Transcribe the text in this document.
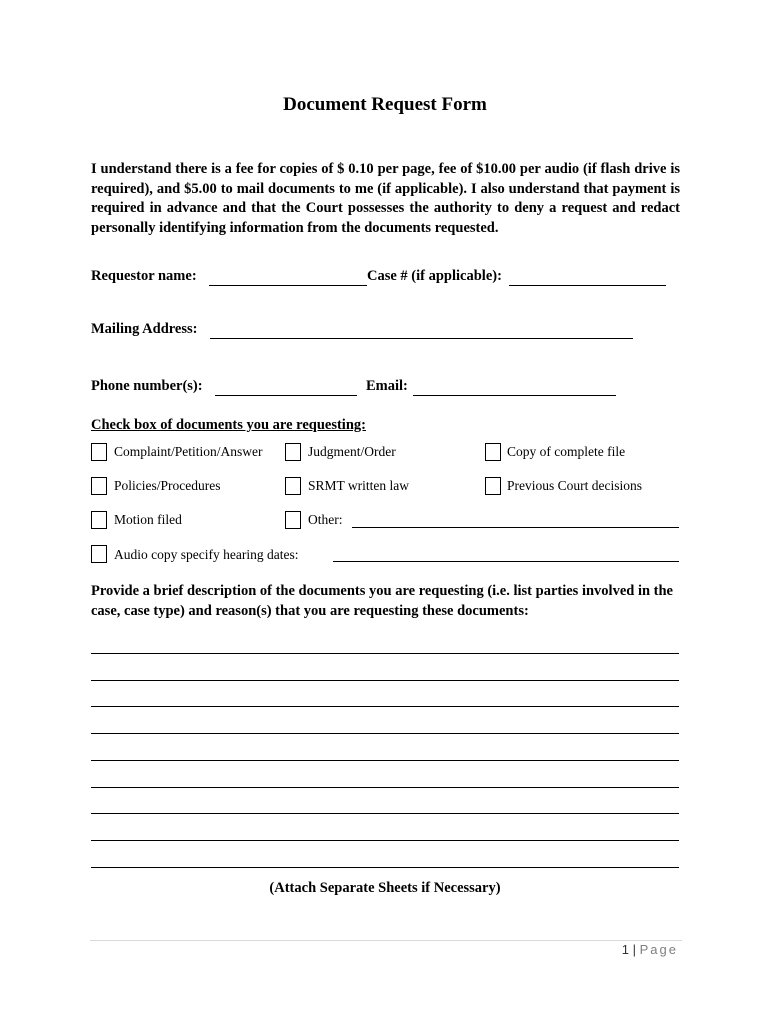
Document Request Form
I understand there is a fee for copies of $ 0.10 per page, fee of $10.00 per audio (if flash drive is required), and $5.00 to mail documents to me (if applicable). I also understand that payment is required in advance and that the Court possesses the authority to deny a request and redact personally identifying information from the documents requested.
Requestor name:	Case # (if applicable):
Mailing Address:
Phone number(s):	Email:
Check box of documents you are requesting:
Complaint/Petition/Answer	Judgment/Order	Copy of complete file
Policies/Procedures	SRMT written law	Previous Court decisions
Motion filed	Other:
Audio copy specify hearing dates:
Provide a brief description of the documents you are requesting (i.e. list parties involved in the case, case type) and reason(s) that you are requesting these documents:
(Attach Separate Sheets if Necessary)
1 | Page
